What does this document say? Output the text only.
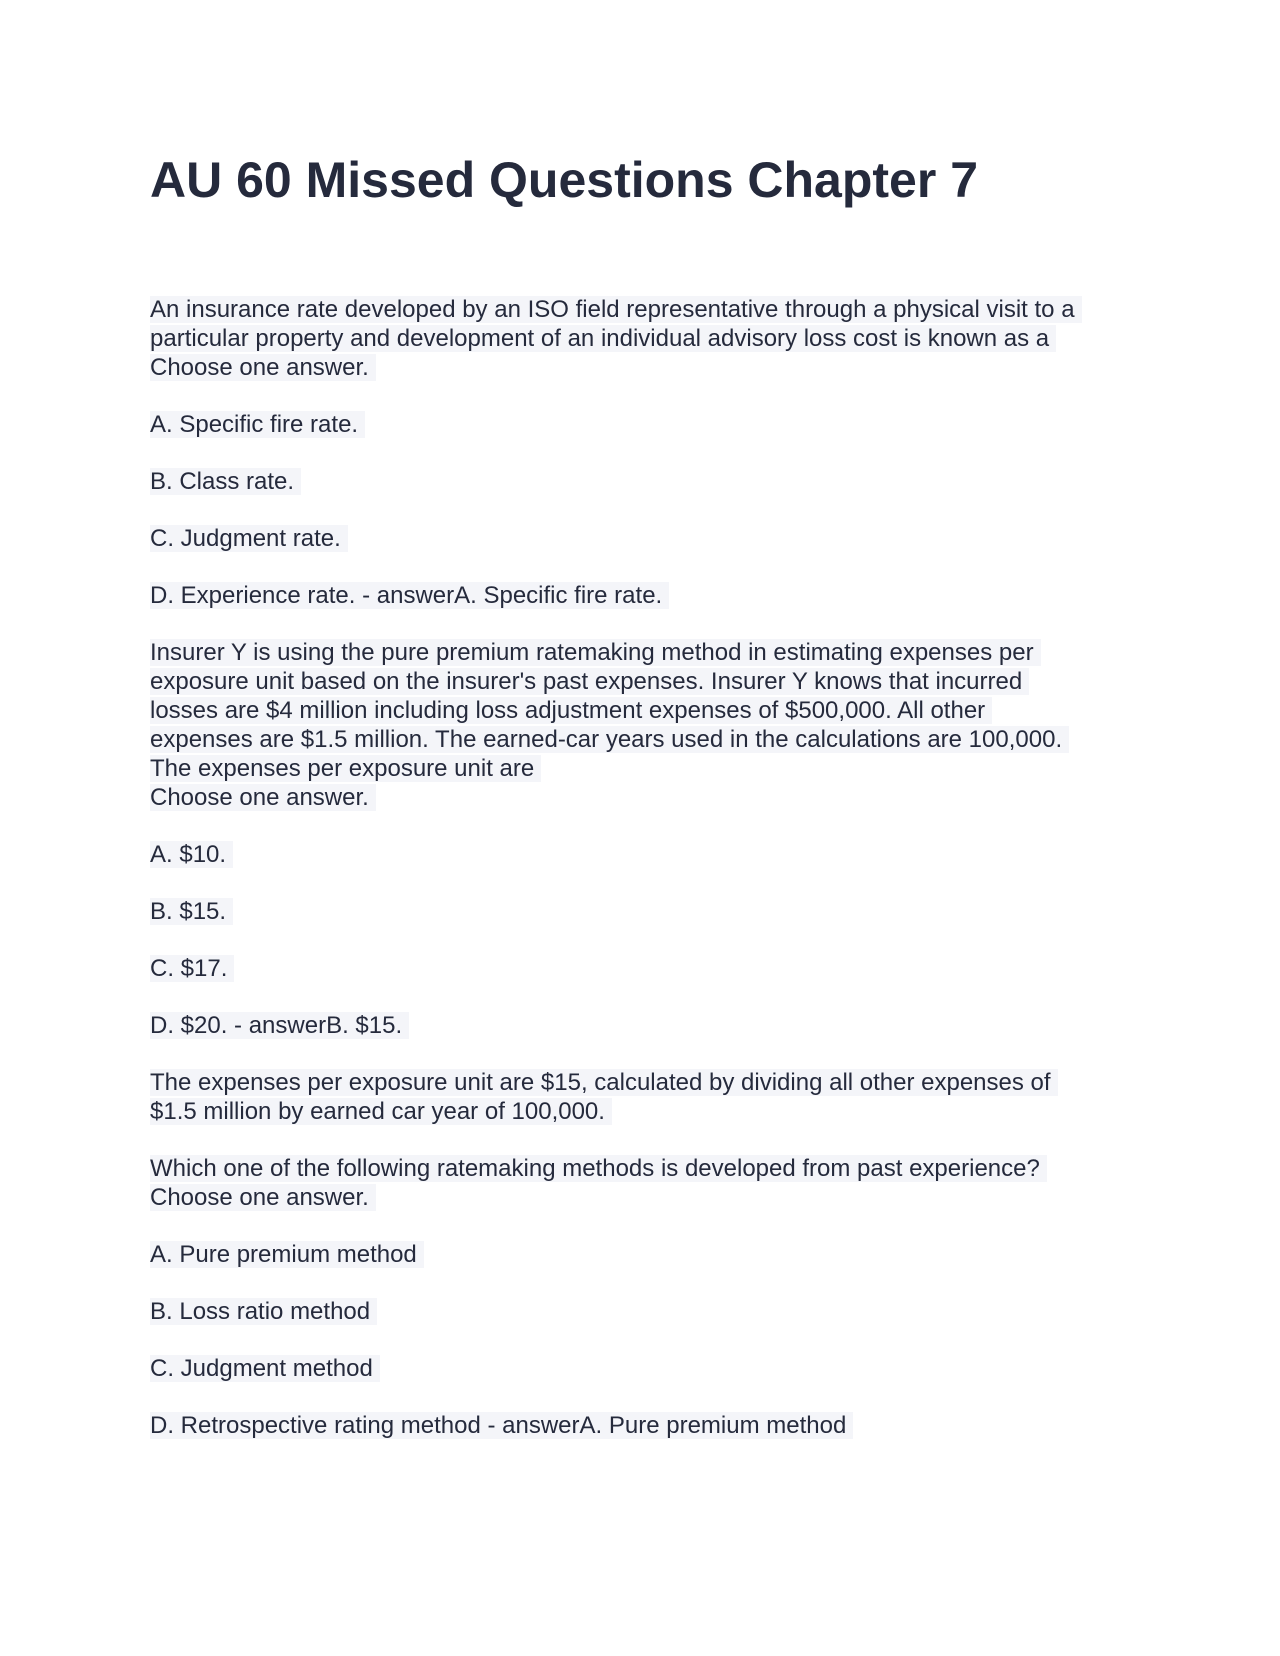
AU 60 Missed Questions Chapter 7

An insurance rate developed by an ISO field representative through a physical visit to a
particular property and development of an individual advisory loss cost is known as a
Choose one answer.

A. Specific fire rate.

B. Class rate.

C. Judgment rate.

D. Experience rate. - answerA. Specific fire rate.

Insurer Y is using the pure premium ratemaking method in estimating expenses per
exposure unit based on the insurer's past expenses. Insurer Y knows that incurred
losses are $4 million including loss adjustment expenses of $500,000. All other
expenses are $1.5 million. The earned-car years used in the calculations are 100,000.
The expenses per exposure unit are
Choose one answer.

A. $10.

B. $15.

C. $17.

D. $20. - answerB. $15.

The expenses per exposure unit are $15, calculated by dividing all other expenses of
$1.5 million by earned car year of 100,000.

Which one of the following ratemaking methods is developed from past experience?
Choose one answer.

A. Pure premium method

B. Loss ratio method

C. Judgment method

D. Retrospective rating method - answerA. Pure premium method
